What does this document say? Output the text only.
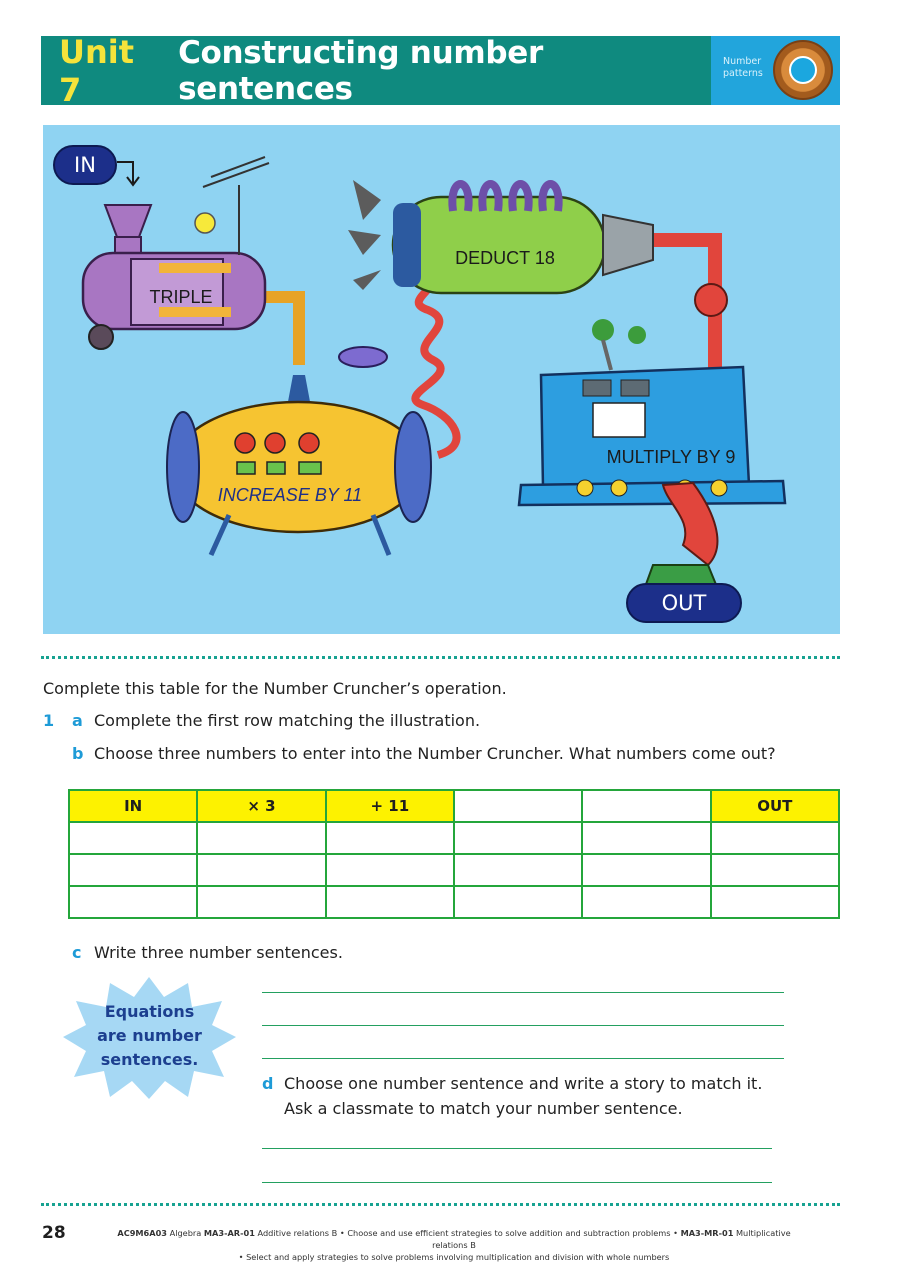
Unit 7
Constructing number sentences
Number patterns
TRIPLE
INCREASE BY 11
DEDUCT 18
MULTIPLY BY 9
IN
OUT
Complete this table for the Number Cruncher’s operation.
1 a Complete the first row matching the illustration.
b Choose three numbers to enter into the Number Cruncher. What numbers come out?
IN	× 3	+ 11			OUT

c Write three number sentences.
Equations
are number
sentences.
d Choose one number sentence and write a story to match it.
Ask a classmate to match your number sentence.
28	AC9M6A03 Algebra MA3-AR-01 Additive relations B • Choose and use efficient strategies to solve addition and subtraction problems • MA3-MR-01 Multiplicative relations B
• Select and apply strategies to solve problems involving multiplication and division with whole numbers
